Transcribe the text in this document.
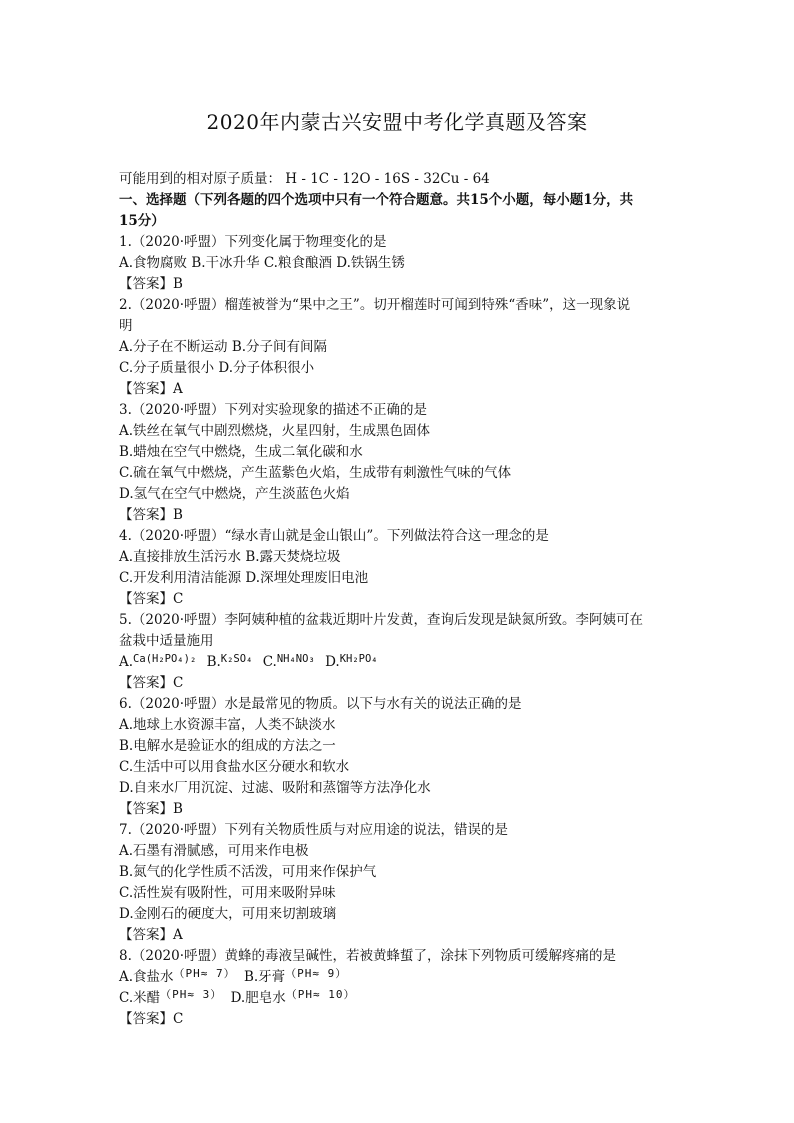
2020年内蒙古兴安盟中考化学真题及答案
可能用到的相对原子质量： H - 1C - 12O - 16S - 32Cu - 64
一、选择题（下列各题的四个选项中只有一个符合题意。共15个小题，每小题1分，共
15分）
1.（2020·呼盟）下列变化属于物理变化的是
A.食物腐败 B.干冰升华 C.粮食酿酒 D.铁锅生锈
【答案】B
2.（2020·呼盟）榴莲被誉为“果中之王”。切开榴莲时可闻到特殊“香味”，这一现象说
明
A.分子在不断运动 B.分子间有间隔
C.分子质量很小 D.分子体积很小
【答案】A
3.（2020·呼盟）下列对实验现象的描述不正确的是
A.铁丝在氧气中剧烈燃烧，火星四射，生成黑色固体
B.蜡烛在空气中燃烧，生成二氧化碳和水
C.硫在氧气中燃烧，产生蓝紫色火焰，生成带有刺激性气味的气体
D.氢气在空气中燃烧，产生淡蓝色火焰
【答案】B
4.（2020·呼盟）“绿水青山就是金山银山”。下列做法符合这一理念的是
A.直接排放生活污水 B.露天焚烧垃圾
C.开发利用清洁能源 D.深埋处理废旧电池
【答案】C
5.（2020·呼盟）李阿姨种植的盆栽近期叶片发黄，查询后发现是缺氮所致。李阿姨可在
盆栽中适量施用
A.$^{Ca(H_2PO_4)_2}$ B.$^{K_2SO_4}$ C.$^{NH_4NO_3}$ D.$^{KH_2PO_4}$
【答案】C
6.（2020·呼盟）水是最常见的物质。以下与水有关的说法正确的是
A.地球上水资源丰富，人类不缺淡水
B.电解水是验证水的组成的方法之一
C.生活中可以用食盐水区分硬水和软水
D.自来水厂用沉淀、过滤、吸附和蒸馏等方法净化水
【答案】B
7.（2020·呼盟）下列有关物质性质与对应用途的说法，错误的是
A.石墨有滑腻感，可用来作电极
B.氮气的化学性质不活泼，可用来作保护气
C.活性炭有吸附性，可用来吸附异味
D.金刚石的硬度大，可用来切割玻璃
【答案】A
8.（2020·呼盟）黄蜂的毒液呈碱性，若被黄蜂蜇了，涂抹下列物质可缓解疼痛的是
A.食盐水$^{(PH\approx 7)}$ B.牙膏$^{(PH\approx 9)}$
C.米醋$^{(PH\approx 3)}$ D.肥皂水$^{(PH\approx 10)}$
【答案】C
